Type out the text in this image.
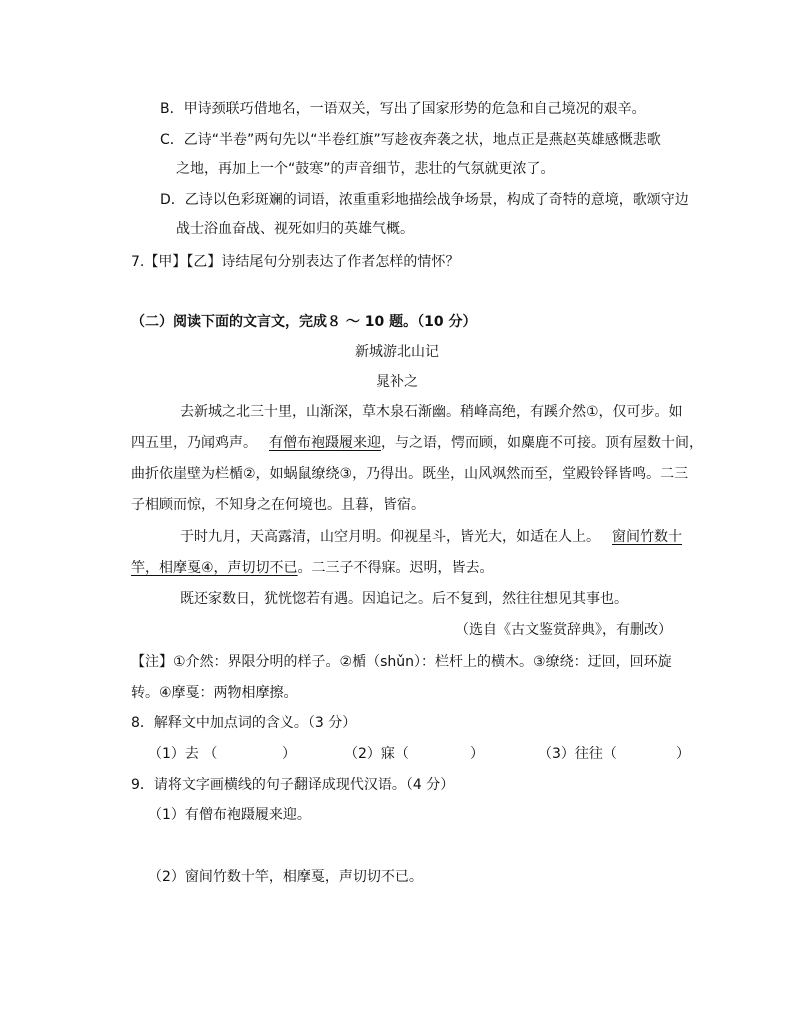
B．甲诗颈联巧借地名，一语双关，写出了国家形势的危急和自己境况的艰辛。
C．乙诗“半卷”两句先以“半卷红旗”写趁夜奔袭之状，地点正是燕赵英雄感慨悲歌
之地，再加上一个“鼓寒”的声音细节，悲壮的气氛就更浓了。
D．乙诗以色彩斑斓的词语，浓重重彩地描绘战争场景，构成了奇特的意境，歌颂守边
战士浴血奋战、视死如归的英雄气概。
7.【甲】【乙】诗结尾句分别表达了作者怎样的情怀？
（二）阅读下面的文言文，完成８ ～ 10 题。（10 分）
新城游北山记
晁补之
去新城之北三十里，山渐深，草木泉石渐幽。稍峰高绝，有蹊介然①，仅可步。如
四五里，乃闻鸡声。 有僧布袍蹑履来迎，与之语，愕而顾，如麋鹿不可接。顶有屋数十间，
曲折依崖壁为栏楯②，如蜗鼠缭绕③，乃得出。既坐，山风飒然而至，堂殿铃铎皆鸣。二三
子相顾而惊，不知身之在何境也。且暮，皆宿。
于时九月，天高露清，山空月明。仰视星斗，皆光大，如适在人上。 窗间竹数十
竿，相摩戛④，声切切不已。二三子不得寐。迟明，皆去。
既还家数日，犹恍惚若有遇。因追记之。后不复到，然往往想见其事也。
（选自《古文鉴赏辞典》，有删改）
【注】①介然：界限分明的样子。②楯（shǔn）：栏杆上的横木。③缭绕：迂回，回环旋
转。④摩戛：两物相摩擦。
8．解释文中加点词的含义。（3 分）
（1）去 （	）	（2）寐（	）	（3）往往（	）
9．请将文字画横线的句子翻译成现代汉语。（4 分）
（1）有僧布袍蹑履来迎。
（2）窗间竹数十竿，相摩戛，声切切不已。
